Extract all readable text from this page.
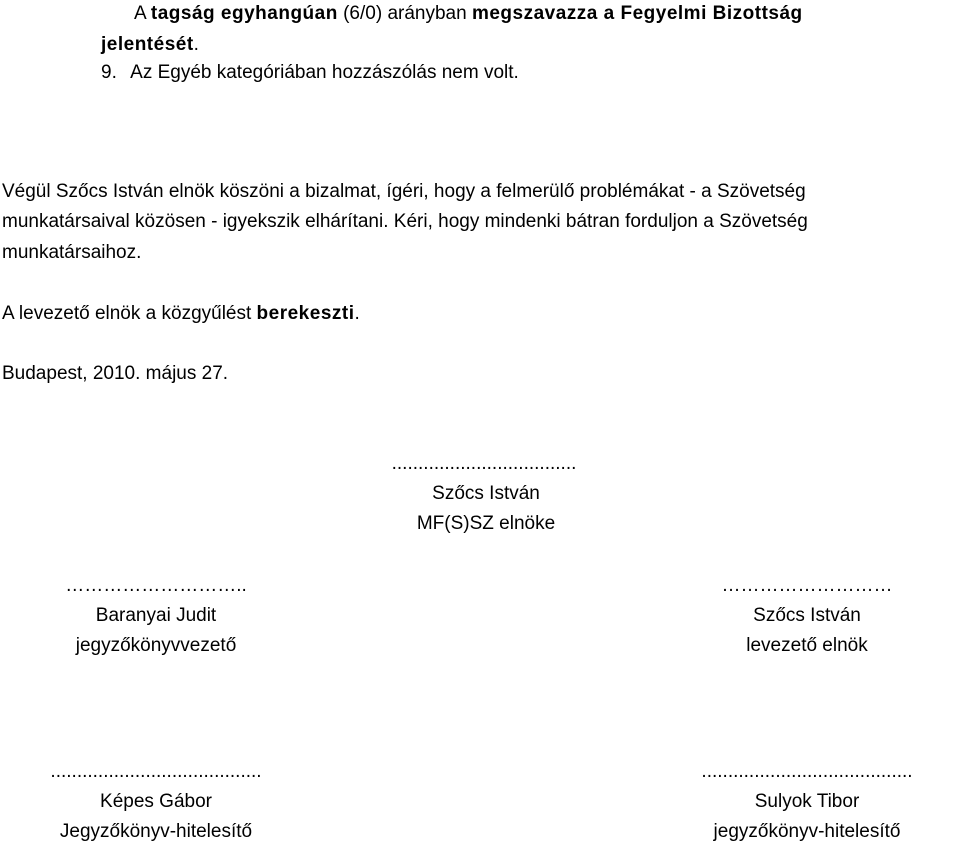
A tagság egyhangúan (6/0) arányban megszavazza a Fegyelmi Bizottság
jelentését.
9. Az Egyéb kategóriában hozzászólás nem volt.
Végül Szőcs István elnök köszöni a bizalmat, ígéri, hogy a felmerülő problémákat - a Szövetség
munkatársaival közösen - igyekszik elhárítani. Kéri, hogy mindenki bátran forduljon a Szövetség
munkatársaihoz.
A levezető elnök a közgyűlést berekeszti.
Budapest, 2010. május 27.
...................................
Szőcs István
MF(S)SZ elnöke
………………………..
Baranyai Judit
jegyzőkönyvvezető
………………………
Szőcs István
levezető elnök
........................................
Képes Gábor
Jegyzőkönyv-hitelesítő
........................................
Sulyok Tibor
jegyzőkönyv-hitelesítő
